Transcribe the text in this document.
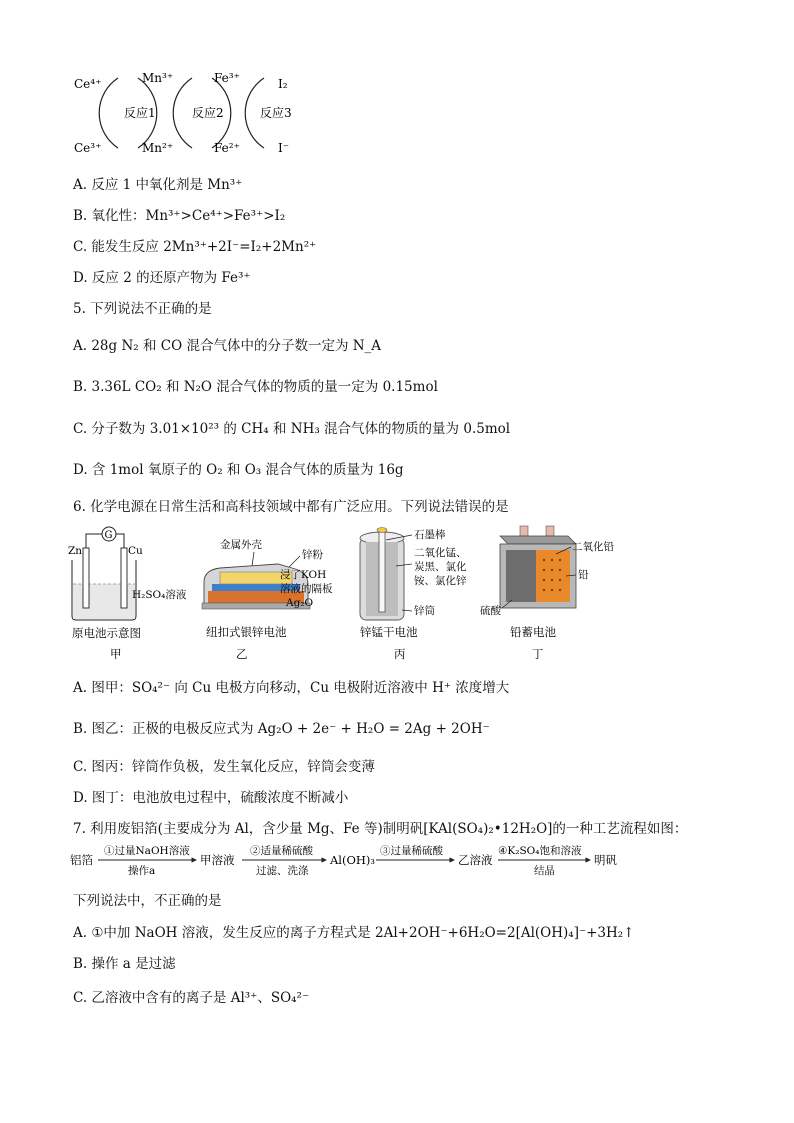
Ce⁴⁺
Ce³⁺
Mn³⁺
Mn²⁺
Fe³⁺
Fe²⁺
I₂
I⁻
反应1	反应2	反应3
A. 反应 1 中氧化剂是 Mn³⁺
B. 氧化性：Mn³⁺>Ce⁴⁺>Fe³⁺>I₂
C. 能发生反应 2Mn³⁺+2I⁻=I₂+2Mn²⁺
D. 反应 2 的还原产物为 Fe³⁺
5. 下列说法不正确的是
A. 28g N₂ 和 CO 混合气体中的分子数一定为 N_A
B. 3.36L CO₂ 和 N₂O 混合气体的物质的量一定为 0.15mol
C. 分子数为 3.01×10²³ 的 CH₄ 和 NH₃ 混合气体的物质的量为 0.5mol
D. 含 1mol 氧原子的 O₂ 和 O₃ 混合气体的质量为 16g
6. 化学电源在日常生活和高科技领域中都有广泛应用。下列说法错误的是
G
Zn	Cu
H₂SO₄溶液
原电池示意图
甲
金属外壳
锌粉
浸了KOH
溶液的隔板
Ag₂O
纽扣式银锌电池
乙
石墨棒
二氧化锰、
炭黑、氯化
铵、氯化锌
锌筒
锌锰干电池
丙
二氧化铅
铅
硫酸
铅蓄电池
丁
A. 图甲：SO₄²⁻ 向 Cu 电极方向移动，Cu 电极附近溶液中 H⁺ 浓度增大
B. 图乙：正极的电极反应式为 Ag₂O + 2e⁻ + H₂O = 2Ag + 2OH⁻
C. 图丙：锌筒作负极，发生氧化反应，锌筒会变薄
D. 图丁：电池放电过程中，硫酸浓度不断减小
7. 利用废铝箔(主要成分为 Al，含少量 Mg、Fe 等)制明矾[KAl(SO₄)₂•12H₂O]的一种工艺流程如图：
铝箔
①过量NaOH溶液
操作a
甲溶液
②适量稀硫酸
过滤、洗涤
Al(OH)₃
③过量稀硫酸
乙溶液
④K₂SO₄饱和溶液
结晶
明矾
下列说法中，不正确的是
A. ①中加 NaOH 溶液，发生反应的离子方程式是 2Al+2OH⁻+6H₂O=2[Al(OH)₄]⁻+3H₂↑
B. 操作 a 是过滤
C. 乙溶液中含有的离子是 Al³⁺、SO₄²⁻
